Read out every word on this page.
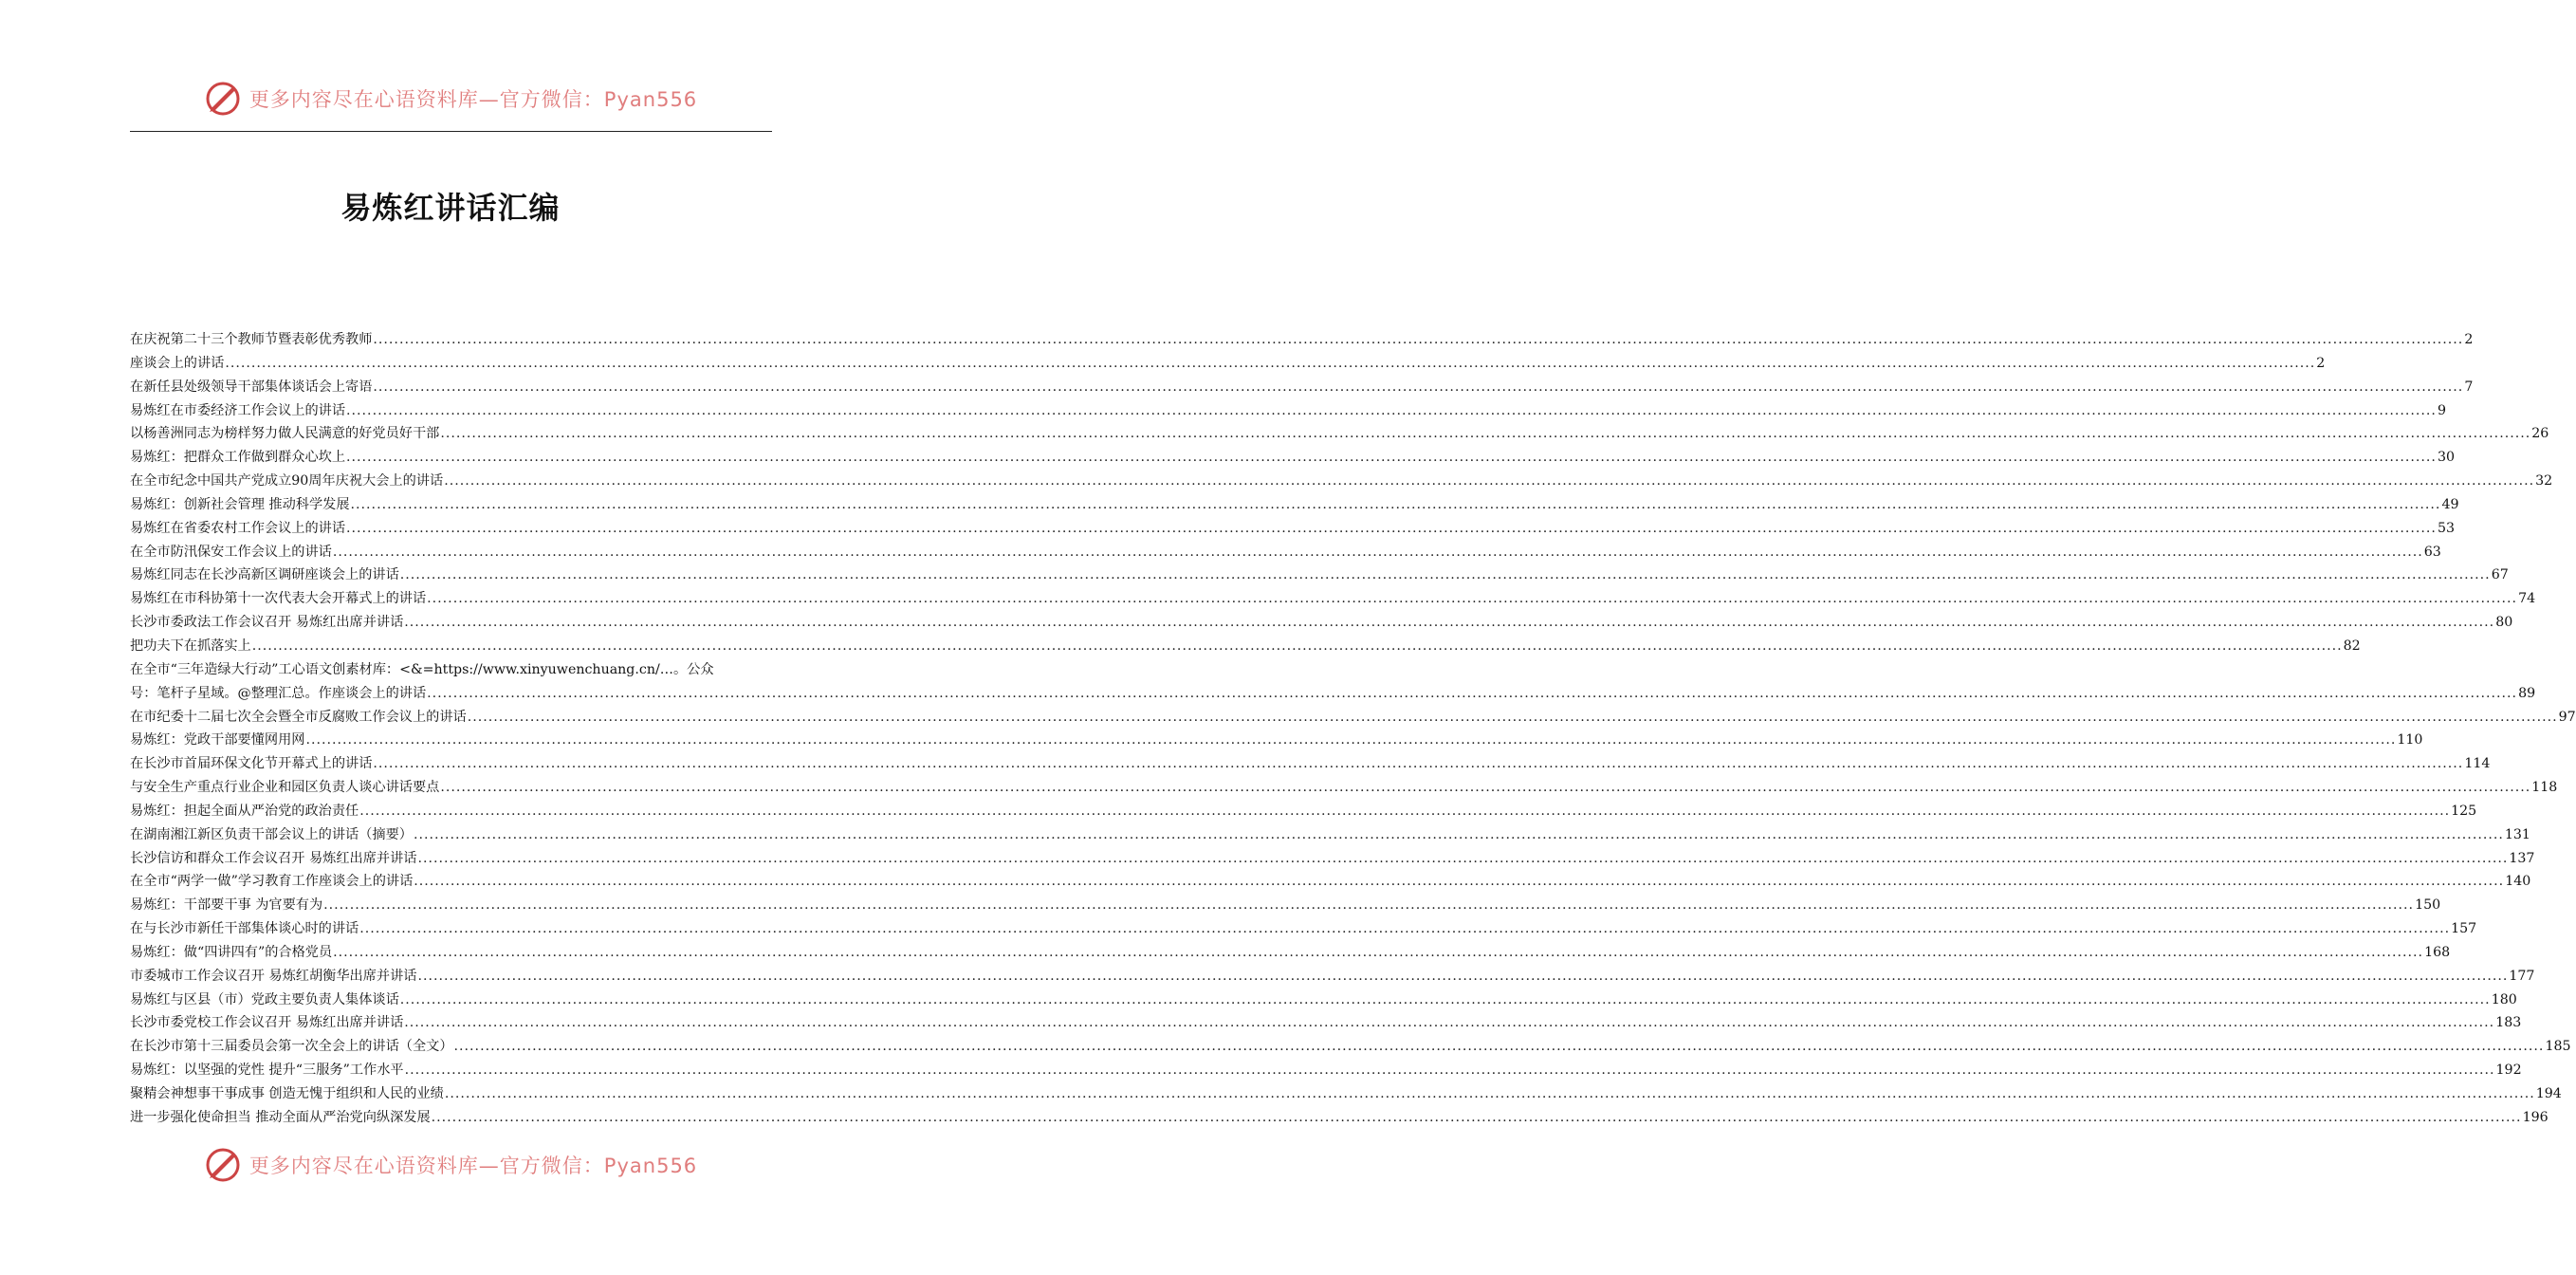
更多内容尽在心语资料库—官方微信：Pyan556
易炼红讲话汇编
在庆祝第二十三个教师节暨表彰优秀教师 ................................................................................................................................................................................................................................................................................................................................................................................................................ 2
座谈会上的讲话 ................................................................................................................................................................................................................................................................................................................................................................................................................ 2
在新任县处级领导干部集体谈话会上寄语 ................................................................................................................................................................................................................................................................................................................................................................................................................ 7
易炼红在市委经济工作会议上的讲话 ................................................................................................................................................................................................................................................................................................................................................................................................................ 9
以杨善洲同志为榜样努力做人民满意的好党员好干部 ................................................................................................................................................................................................................................................................................................................................................................................................................ 26
易炼红：把群众工作做到群众心坎上 ................................................................................................................................................................................................................................................................................................................................................................................................................ 30
在全市纪念中国共产党成立90周年庆祝大会上的讲话 ................................................................................................................................................................................................................................................................................................................................................................................................................ 32
易炼红：创新社会管理 推动科学发展 ................................................................................................................................................................................................................................................................................................................................................................................................................ 49
易炼红在省委农村工作会议上的讲话 ................................................................................................................................................................................................................................................................................................................................................................................................................ 53
在全市防汛保安工作会议上的讲话 ................................................................................................................................................................................................................................................................................................................................................................................................................ 63
易炼红同志在长沙高新区调研座谈会上的讲话 ................................................................................................................................................................................................................................................................................................................................................................................................................ 67
易炼红在市科协第十一次代表大会开幕式上的讲话 ................................................................................................................................................................................................................................................................................................................................................................................................................ 74
长沙市委政法工作会议召开 易炼红出席并讲话 ................................................................................................................................................................................................................................................................................................................................................................................................................ 80
把功夫下在抓落实上 ................................................................................................................................................................................................................................................................................................................................................................................................................ 82
在全市“三年造绿大行动”工心语文创素材库：<&=https://www.xinyuwenchuang.cn/…。公众
号：笔杆子星域。@整理汇总。作座谈会上的讲话 ................................................................................................................................................................................................................................................................................................................................................................................................................ 89
在市纪委十二届七次全会暨全市反腐败工作会议上的讲话 ................................................................................................................................................................................................................................................................................................................................................................................................................ 97
易炼红：党政干部要懂网用网 ................................................................................................................................................................................................................................................................................................................................................................................................................ 110
在长沙市首届环保文化节开幕式上的讲话 ................................................................................................................................................................................................................................................................................................................................................................................................................ 114
与安全生产重点行业企业和园区负责人谈心讲话要点 ................................................................................................................................................................................................................................................................................................................................................................................................................ 118
易炼红：担起全面从严治党的政治责任 ................................................................................................................................................................................................................................................................................................................................................................................................................ 125
在湖南湘江新区负责干部会议上的讲话（摘要） ................................................................................................................................................................................................................................................................................................................................................................................................................ 131
长沙信访和群众工作会议召开 易炼红出席并讲话 ................................................................................................................................................................................................................................................................................................................................................................................................................ 137
在全市“两学一做”学习教育工作座谈会上的讲话 ................................................................................................................................................................................................................................................................................................................................................................................................................ 140
易炼红：干部要干事 为官要有为 ................................................................................................................................................................................................................................................................................................................................................................................................................ 150
在与长沙市新任干部集体谈心时的讲话 ................................................................................................................................................................................................................................................................................................................................................................................................................ 157
易炼红：做“四讲四有”的合格党员 ................................................................................................................................................................................................................................................................................................................................................................................................................ 168
市委城市工作会议召开 易炼红胡衡华出席并讲话 ................................................................................................................................................................................................................................................................................................................................................................................................................ 177
易炼红与区县（市）党政主要负责人集体谈话 ................................................................................................................................................................................................................................................................................................................................................................................................................ 180
长沙市委党校工作会议召开 易炼红出席并讲话 ................................................................................................................................................................................................................................................................................................................................................................................................................ 183
在长沙市第十三届委员会第一次全会上的讲话（全文） ................................................................................................................................................................................................................................................................................................................................................................................................................ 185
易炼红：以坚强的党性 提升“三服务”工作水平 ................................................................................................................................................................................................................................................................................................................................................................................................................ 192
聚精会神想事干事成事 创造无愧于组织和人民的业绩 ................................................................................................................................................................................................................................................................................................................................................................................................................ 194
进一步强化使命担当 推动全面从严治党向纵深发展 ................................................................................................................................................................................................................................................................................................................................................................................................................ 196
更多内容尽在心语资料库—官方微信：Pyan556
